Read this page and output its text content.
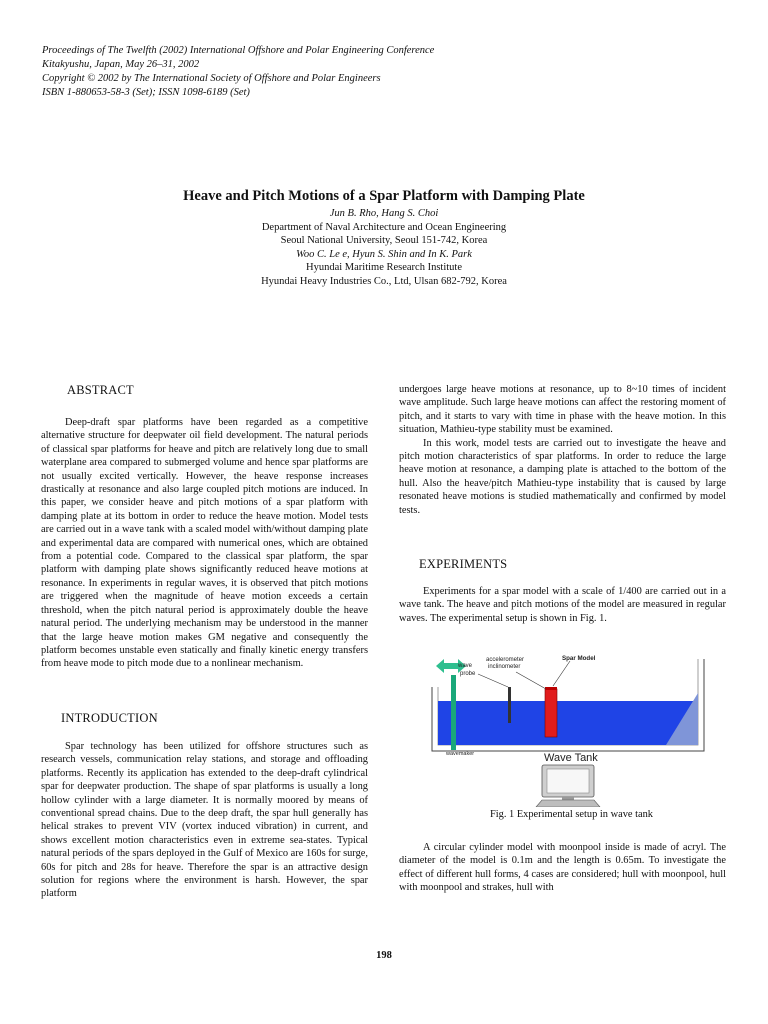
Proceedings of The Twelfth (2002) International Offshore and Polar Engineering Conference
Kitakyushu, Japan, May 26–31, 2002
Copyright © 2002 by The International Society of Offshore and Polar Engineers
ISBN 1-880653-58-3 (Set); ISSN 1098-6189 (Set)
Heave and Pitch Motions of a Spar Platform with Damping Plate
Jun B. Rho, Hang S. Choi
Department of Naval Architecture and Ocean Engineering
Seoul National University, Seoul 151-742, Korea
Woo C. Le e, Hyun S. Shin and In K. Park
Hyundai Maritime Research Institute
Hyundai Heavy Industries Co., Ltd, Ulsan 682-792, Korea
ABSTRACT

Deep-draft spar platforms have been regarded as a competitive alternative structure for deepwater oil field development. The natural periods of classical spar platforms for heave and pitch are relatively long due to small waterplane area compared to submerged volume and hence spar platforms are not usually excited vertically. However, the heave response increases drastically at resonance and also large coupled pitch motions are induced. In this paper, we consider heave and pitch motions of a spar platform with damping plate at its bottom in order to reduce the heave motion. Model tests are carried out in a wave tank with a scaled model with/without damping plate and experimental data are compared with numerical ones, which are obtained from a potential code. Compared to the classical spar platform, the spar platform with damping plate shows significantly reduced heave motions at resonance. In experiments in regular waves, it is observed that pitch motions are triggered when the magnitude of heave motion exceeds a certain threshold, when the pitch natural period is approximately double the heave natural period. The underlying mechanism may be understood in the manner that the large heave motion makes GM negative and consequently the platform becomes unstable even statically and finally kinetic energy transfers from heave mode to pitch mode due to a nonlinear mechanism.

INTRODUCTION

Spar technology has been utilized for offshore structures such as research vessels, communication relay stations, and storage and offloading platforms. Recently its application has extended to the deep-draft cylindrical spar for deepwater production. The shape of spar platforms is usually a long hollow cylinder with a large diameter. It is normally moored by means of conventional spread chains. Due to the deep draft, the spar hull generally has helical strakes to prevent VIV (vortex induced vibration) in current, and shows excellent motion characteristics even in extreme sea-states. Typical natural periods of the spars deployed in the Gulf of Mexico are 160s for surge, 60s for pitch and 28s for heave. Therefore the spar is an attractive design solution for regions where the environment is harsh. However, the spar platform

undergoes large heave motions at resonance, up to 8~10 times of incident wave amplitude. Such large heave motions can affect the restoring moment of pitch, and it starts to vary with time in phase with the heave motion. In this situation, Mathieu-type stability must be examined.

In this work, model tests are carried out to investigate the heave and pitch motion characteristics of spar platforms. In order to reduce the large heave motion at resonance, a damping plate is attached to the bottom of the hull. Also the heave/pitch Mathieu-type instability that is caused by large resonated heave motions is studied mathematically and confirmed by model tests.

EXPERIMENTS

Experiments for a spar model with a scale of 1/400 are carried out in a wave tank. The heave and pitch motions of the model are measured in regular waves. The experimental setup is shown in Fig. 1.

wave
probe
accelerometer
inclinometer
Spar Model
wavemaker	Wave Tank
Fig. 1 Experimental setup in wave tank

A circular cylinder model with moonpool inside is made of acryl. The diameter of the model is 0.1m and the length is 0.65m. To investigate the effect of different hull forms, 4 cases are considered; hull with moonpool, hull with moonpool and strakes, hull with

198
